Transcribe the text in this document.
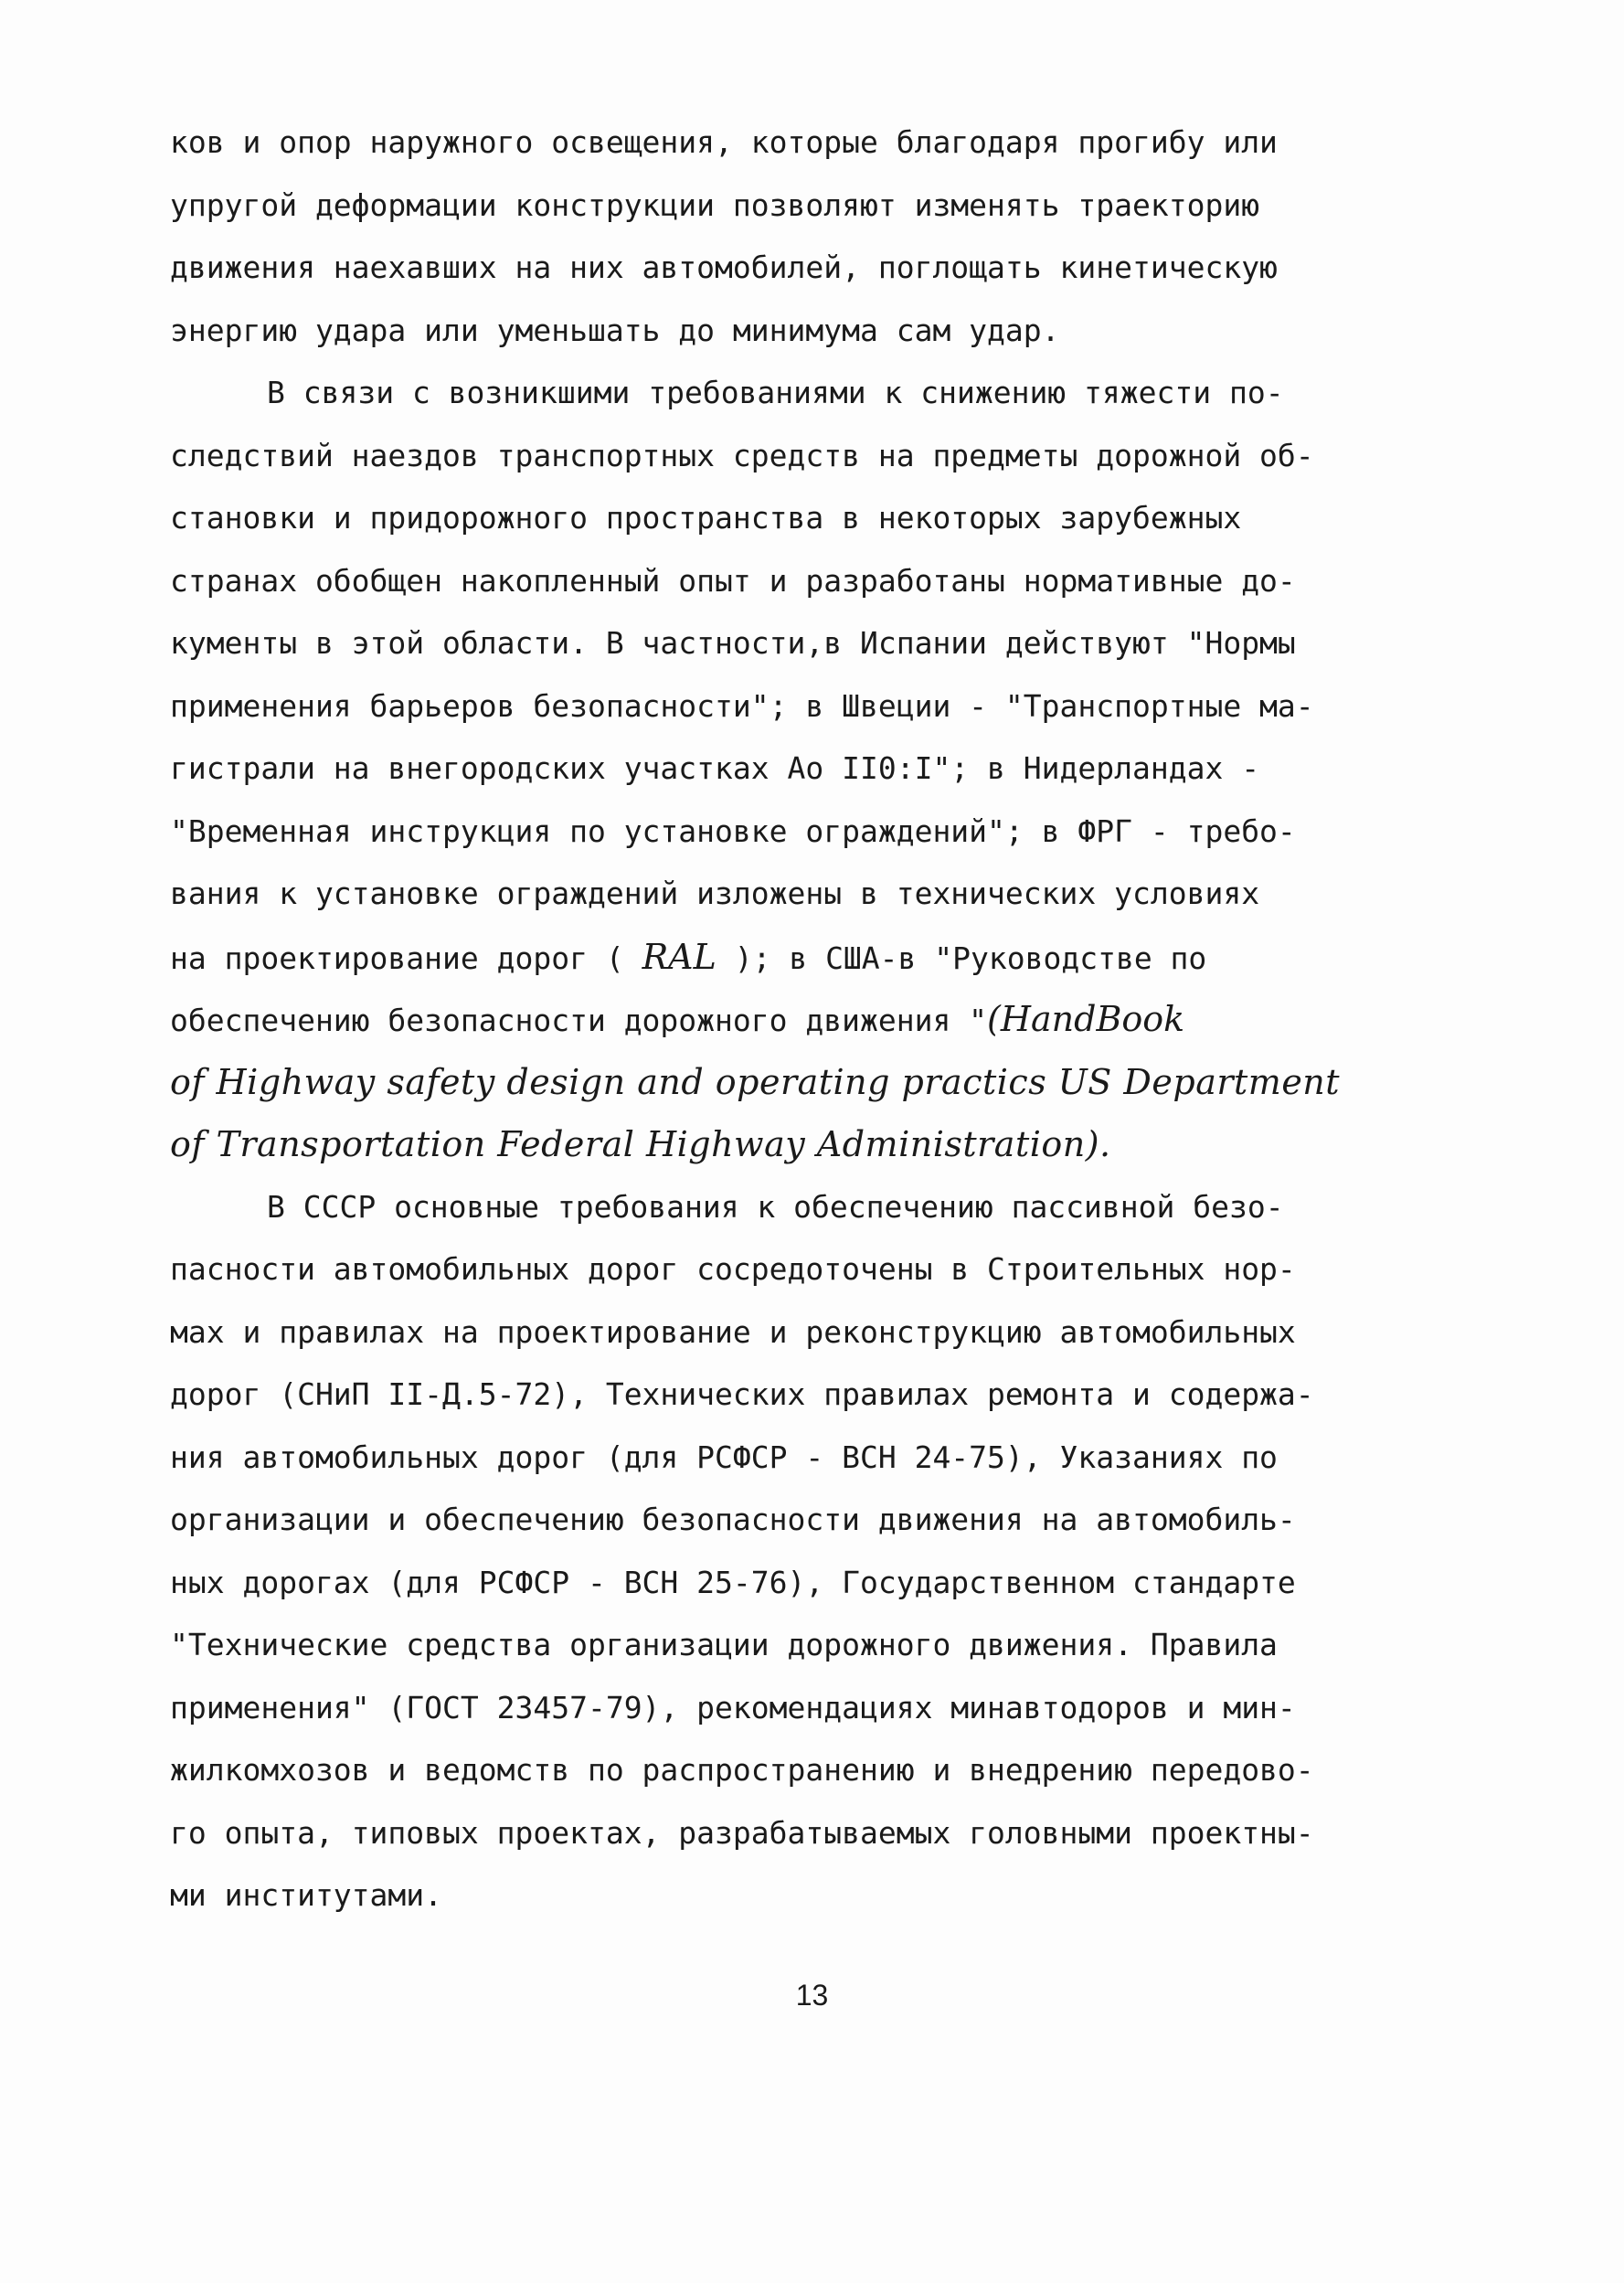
ков и опор наружного освещения, которые благодаря прогибу или
упругой деформации конструкции позволяют изменять траекторию
движения наехавших на них автомобилей, поглощать кинетическую
энергию удара или уменьшать до минимума сам удар.
В связи с возникшими требованиями к снижению тяжести по-
следствий наездов транспортных средств на предметы дорожной об-
становки и придорожного пространства в некоторых зарубежных
странах обобщен накопленный опыт и разработаны нормативные до-
кументы в этой области. В частности,в Испании действуют "Нормы
применения барьеров безопасности"; в Швеции - "Транспортные ма-
гистрали на внегородских участках Ао II0:I"; в Нидерландах -
"Временная инструкция по установке ограждений"; в ФРГ - требо-
вания к установке ограждений изложены в технических условиях
на проектирование дорог ( RAL ); в США-в "Руководстве по
обеспечению безопасности дорожного движения "(HandBook
of Highway safety design and operating practics US Department
of Transportation Federal Highway Administration).
В СССР основные требования к обеспечению пассивной безо-
пасности автомобильных дорог сосредоточены в Строительных нор-
мах и правилах на проектирование и реконструкцию автомобильных
дорог (СНиП II-Д.5-72), Технических правилах ремонта и содержа-
ния автомобильных дорог (для РСФСР - ВСН 24-75), Указаниях по
организации и обеспечению безопасности движения на автомобиль-
ных дорогах (для РСФСР - ВСН 25-76), Государственном стандарте
"Технические средства организации дорожного движения. Правила
применения" (ГОСТ 23457-79), рекомендациях минавтодоров и мин-
жилкомхозов и ведомств по распространению и внедрению передово-
го опыта, типовых проектах, разрабатываемых головными проектны-
ми институтами.
13
